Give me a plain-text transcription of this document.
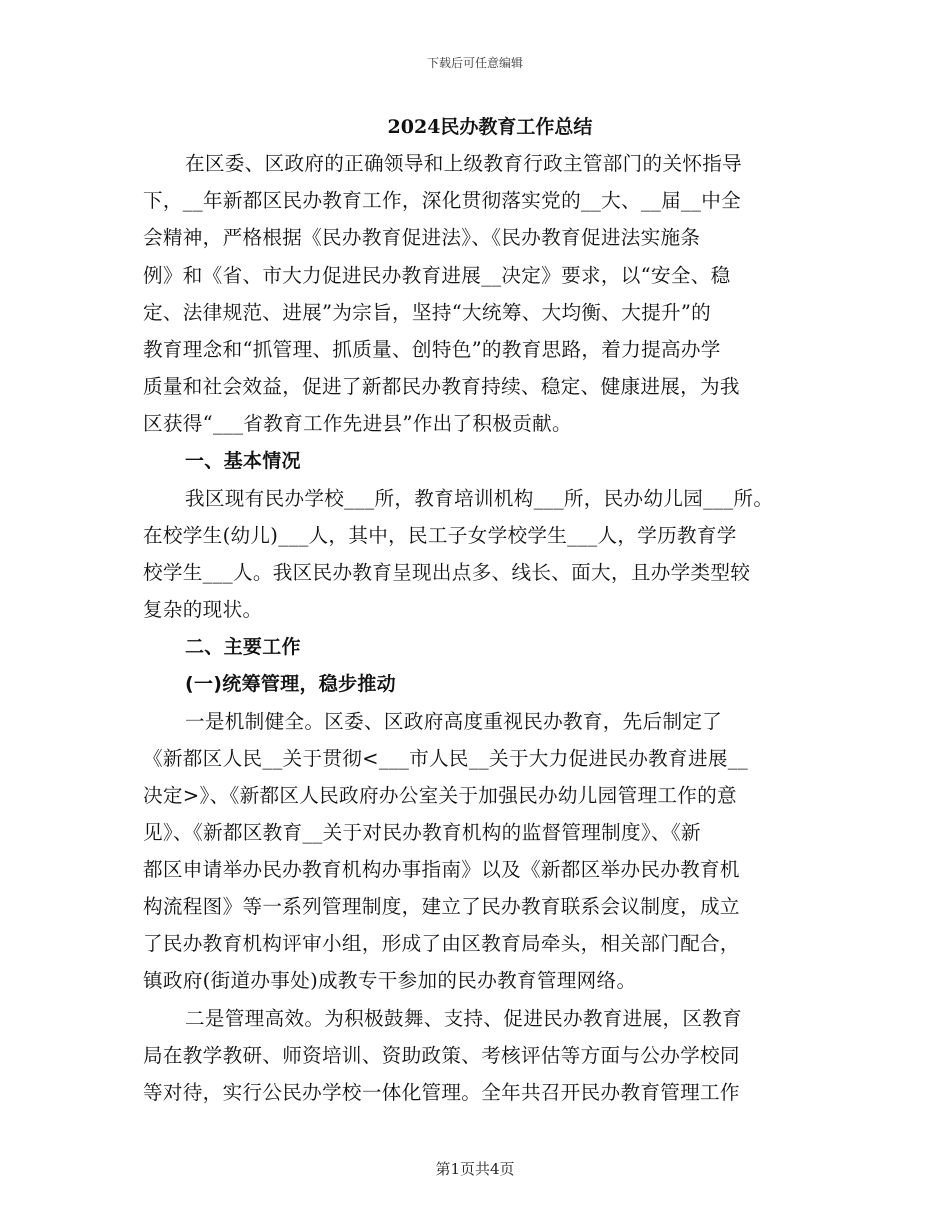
下载后可任意编辑
2024民办教育工作总结
在区委、区政府的正确领导和上级教育行政主管部门的关怀指导
下，__年新都区民办教育工作，深化贯彻落实党的__大、__届__中全
会精神，严格根据《民办教育促进法》、《民办教育促进法实施条
例》和《省、市大力促进民办教育进展__决定》要求，以“安全、稳
定、法律规范、进展”为宗旨，坚持“大统筹、大均衡、大提升”的
教育理念和“抓管理、抓质量、创特色”的教育思路，着力提高办学
质量和社会效益，促进了新都民办教育持续、稳定、健康进展，为我
区获得“___省教育工作先进县”作出了积极贡献。
一、基本情况
我区现有民办学校___所，教育培训机构___所，民办幼儿园___所。
在校学生(幼儿)___人，其中，民工子女学校学生___人，学历教育学
校学生___人。我区民办教育呈现出点多、线长、面大，且办学类型较
复杂的现状。
二、主要工作
(一)统筹管理，稳步推动
一是机制健全。区委、区政府高度重视民办教育，先后制定了
《新都区人民__关于贯彻<___市人民__关于大力促进民办教育进展__
决定>》、《新都区人民政府办公室关于加强民办幼儿园管理工作的意
见》、《新都区教育__关于对民办教育机构的监督管理制度》、《新
都区申请举办民办教育机构办事指南》以及《新都区举办民办教育机
构流程图》等一系列管理制度，建立了民办教育联系会议制度，成立
了民办教育机构评审小组，形成了由区教育局牵头，相关部门配合，
镇政府(街道办事处)成教专干参加的民办教育管理网络。
二是管理高效。为积极鼓舞、支持、促进民办教育进展，区教育
局在教学教研、师资培训、资助政策、考核评估等方面与公办学校同
等对待，实行公民办学校一体化管理。全年共召开民办教育管理工作
第1页共4页
